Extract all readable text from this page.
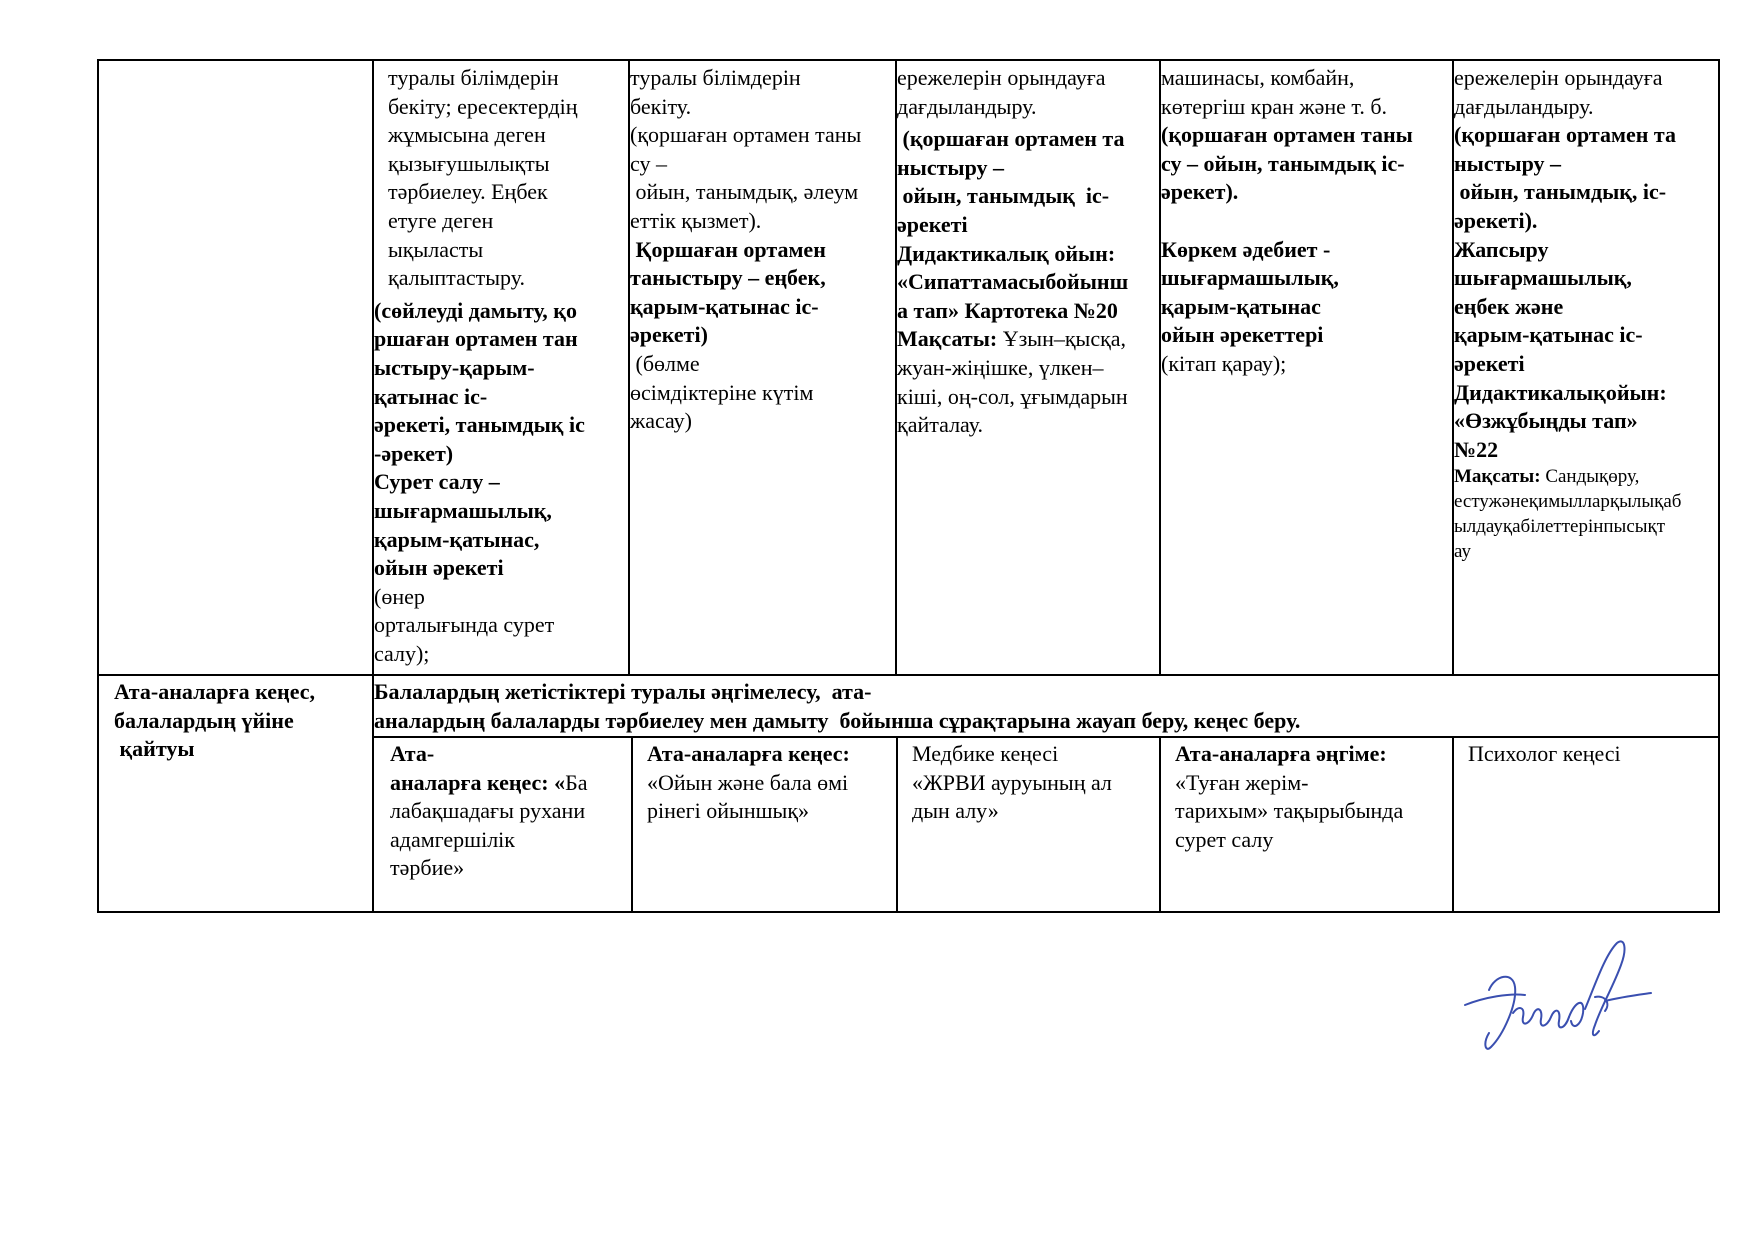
туралы білімдерін
бекіту; ересектердің
жұмысына деген
қызығушылықты
тәрбиелеу. Еңбек
етуге деген
ықыласты
қалыптастыру.

(сөйлеуді дамыту, қо
ршаған ортамен тан
ыстыру-қарым-
қатынас іс-
әрекеті, танымдық іс
-әрекет)

Сурет салу –
шығармашылық,
қарым-қатынас,
ойын әрекеті

(өнер
орталығында сурет
салу);

туралы білімдерін
бекіту.
(қоршаған ортамен таны
су –
ойын, танымдық, әлеум
еттік қызмет).

Қоршаған ортамен
таныстыру – еңбек,
қарым-қатынас іс-
әрекеті)

(бөлме
өсімдіктеріне күтім
жасау)

ережелерін орындауға
дағдыландыру.

(қоршаған ортамен та
ныстыру –
ойын, танымдық  іс-
әрекеті
Дидактикалық ойын:
«Сипаттамасыбойынш
а тап» Картотека №20

Мақсаты: Ұзын–қысқа,
жуан-жіңішке, үлкен–
кіші, оң-сол, ұғымдарын
қайталау.

машинасы, комбайн,
көтергіш кран және т. б.

(қоршаған ортамен таны
су – ойын, танымдық іс-
әрекет).

Көркем әдебиет -
шығармашылық,
қарым-қатынас
ойын әрекеттері

(кітап қарау);

ережелерін орындауға
дағдыландыру.

(қоршаған ортамен та
ныстыру –
ойын, танымдық, іс-
әрекеті).
Жапсыру
шығармашылық,
еңбек және
қарым-қатынас іс-
әрекеті
Дидактикалықойын:
«Өзжұбыңды тап»
№22

Мақсаты: Сандықөру,
естужәнеқимылларқылықаб
ылдауқабілеттерінпысықт
ау

Ата-аналарға кеңес,
балалардың үйіне
қайтуы

Балалардың жетістіктері туралы әңгімелесу,  ата-
аналардың балаларды тәрбиелеу мен дамыту  бойынша сұрақтарына жауап беру, кеңес беру.

Ата-
аналарға кеңес: «Ба
лабақшадағы рухани
адамгершілік
тәрбие»

Ата-аналарға кеңес:
«Ойын және бала өмі
рінегі ойыншық»

Медбике кеңесі
«ЖРВИ ауруының ал
дын алу»

Ата-аналарға әңгіме:
«Туған жерім-
тарихым» тақырыбында
сурет салу

Психолог кеңесі
